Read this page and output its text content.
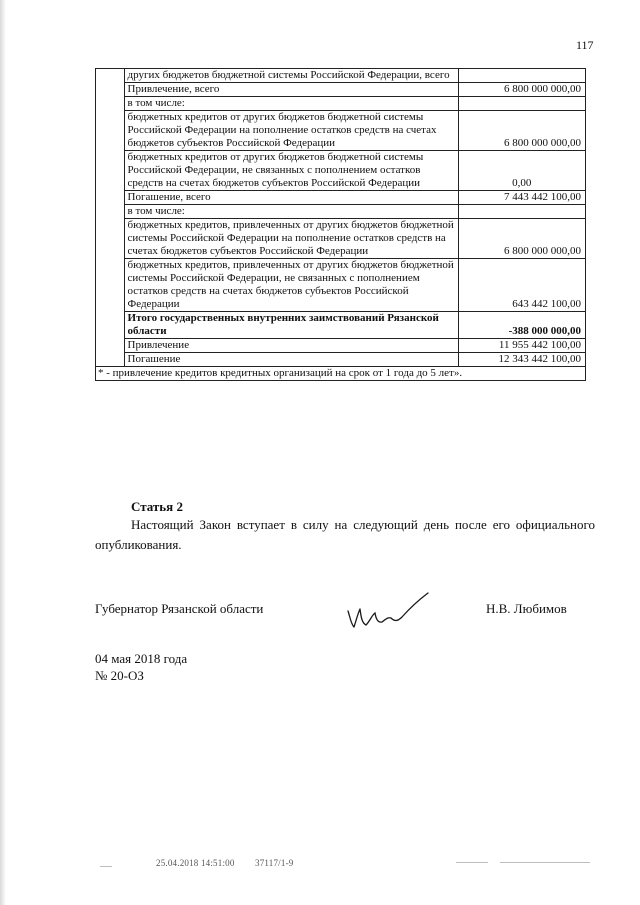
117
	других бюджетов бюджетной системы Российской Федерации, всего	
	Привлечение, всего	6 800 000 000,00
	в том числе:	
	бюджетных кредитов от других бюджетов бюджетной системы Российской Федерации на пополнение остатков средств на счетах бюджетов субъектов Российской Федерации	6 800 000 000,00
	бюджетных кредитов от других бюджетов бюджетной системы Российской Федерации, не связанных с пополнением остатков средств на счетах бюджетов субъектов Российской Федерации	0,00
	Погашение, всего	7 443 442 100,00
	в том числе:	
	бюджетных кредитов, привлеченных от других бюджетов бюджетной системы Российской Федерации на пополнение остатков средств на счетах бюджетов субъектов Российской Федерации	6 800 000 000,00
	бюджетных кредитов, привлеченных от других бюджетов бюджетной системы Российской Федерации, не связанных с пополнением остатков средств на счетах бюджетов субъектов Российской Федерации	643 442 100,00
	Итого государственных внутренних заимствований Рязанской области	-388 000 000,00
	Привлечение	11 955 442 100,00
	Погашение	12 343 442 100,00
* - привлечение кредитов кредитных организаций на срок от 1 года до 5 лет».		
Статья 2
Настоящий Закон вступает в силу на следующий день после его официального опубликования.
Губернатор Рязанской области	Н.В. Любимов
04 мая 2018 года
№ 20-ОЗ
25.04.2018 14:51:00 37117/1-9
